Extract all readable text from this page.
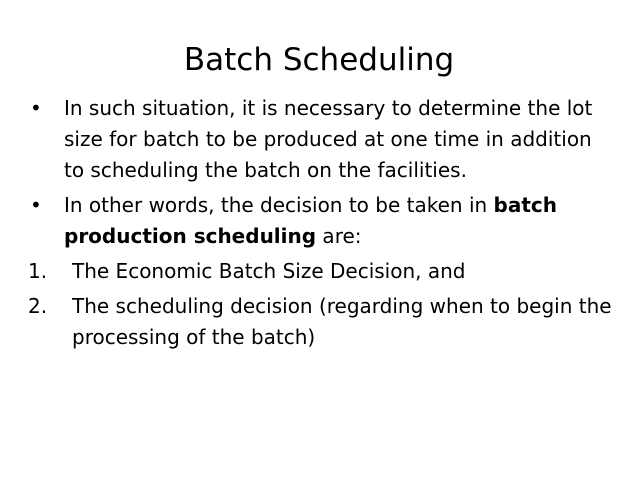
Batch Scheduling
•	In such situation, it is necessary to determine the lot size for batch to be produced at one time in addition to scheduling the batch on the facilities.
•	In other words, the decision to be taken in batch production scheduling are:
1.	The Economic Batch Size Decision, and
2.	The scheduling decision (regarding when to begin the processing of the batch)
